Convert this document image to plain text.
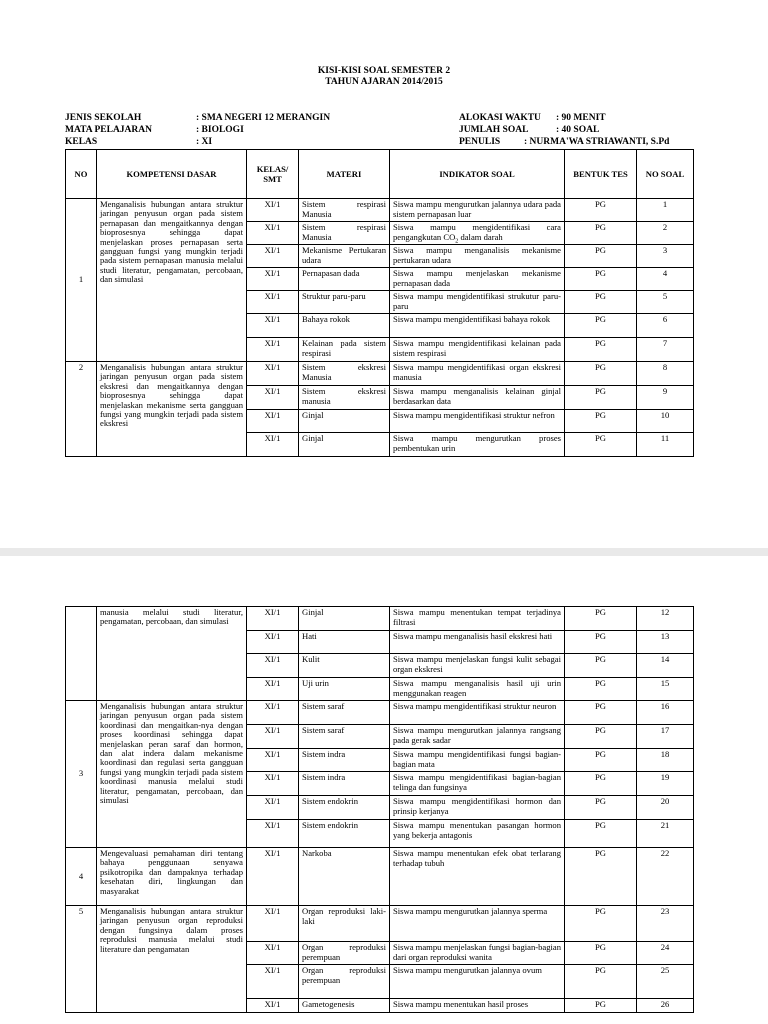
KISI-KISI SOAL SEMESTER 2
TAHUN AJARAN 2014/2015
JENIS SEKOLAH	: SMA NEGERI 12 MERANGIN
MATA PELAJARAN	: BIOLOGI
KELAS	: XI
ALOKASI WAKTU : 90 MENIT
JUMLAH SOAL	: 40 SOAL
PENULIS	: NURMA'WA STRIAWANTI, S.Pd
NO	KOMPETENSI DASAR	KELAS/ SMT	MATERI	INDIKATOR SOAL	BENTUK TES	NO SOAL
1	Menganalisis hubungan antara struktur jaringan penyusun organ pada sistem pernapasan dan mengaitkannya dengan bioprosesnya sehingga dapat menjelaskan proses pernapasan serta gangguan fungsi yang mungkin terjadi pada sistem pernapasan manusia melalui studi literatur, pengamatan, percobaan, dan simulasi	XI/1	Sistem respirasi Manusia	Siswa mampu mengurutkan jalannya udara pada sistem pernapasan luar	PG	1
		XI/1	Sistem respirasi Manusia	Siswa mampu mengidentifikasi cara pengangkutan $CO_2$ dalam darah	PG	2
		XI/1	Mekanisme Pertukaran udara	Siswa mampu menganalisis mekanisme pertukaran udara	PG	3
		XI/1	Pernapasan dada	Siswa mampu menjelaskan mekanisme pernapasan dada	PG	4
		XI/1	Struktur paru-paru	Siswa mampu mengidentifikasi strukutur paru-paru	PG	5
		XI/1	Bahaya rokok	Siswa mampu mengidentifikasi bahaya rokok	PG	6
		XI/1	Kelainan pada sistem respirasi	Siswa mampu mengidentifikasi kelainan pada sistem respirasi	PG	7
2	Menganalisis hubungan antara struktur jaringan penyusun organ pada sistem ekskresi dan mengaitkannya dengan bioprosesnya sehingga dapat menjelaskan mekanisme serta gangguan fungsi yang mungkin terjadi pada sistem ekskresi	XI/1	Sistem ekskresi Manusia	Siswa mampu mengidentifikasi organ ekskresi manusia	PG	8
		XI/1	Sistem ekskresi manusia	Siswa mampu menganalisis kelainan ginjal berdasarkan data	PG	9
		XI/1	Ginjal	Siswa mampu mengidentifikasi struktur nefron	PG	10
		XI/1	Ginjal	Siswa mampu mengurutkan proses pembentukan urin	PG	11
	manusia melalui studi literatur, pengamatan, percobaan, dan simulasi	XI/1	Ginjal	Siswa mampu menentukan tempat terjadinya filtrasi	PG	12
		XI/1	Hati	Siswa mampu menganalisis hasil ekskresi hati	PG	13
		XI/1	Kulit	Siswa mampu menjelaskan fungsi kulit sebagai organ ekskresi	PG	14
		XI/1	Uji urin	Siswa mampu menganalisis hasil uji urin menggunakan reagen	PG	15
3	Menganalisis hubungan antara struktur jaringan penyusun organ pada sistem koordinasi dan mengaitkan-nya dengan proses koordinasi sehingga dapat menjelaskan peran saraf dan hormon, dan alat indera dalam mekanisme koordinasi dan regulasi serta gangguan fungsi yang mungkin terjadi pada sistem koordinasi manusia melalui studi literatur, pengamatan, percobaan, dan simulasi	XI/1	Sistem saraf	Siswa mampu mengidentifikasi struktur neuron	PG	16
		XI/1	Sistem saraf	Siswa mampu mengurutkan jalannya rangsang pada gerak sadar	PG	17
		XI/1	Sistem indra	Siswa mampu mengidentifikasi fungsi bagian-bagian mata	PG	18
		XI/1	Sistem indra	Siswa mampu mengidentifikasi bagian-bagian telinga dan fungsinya	PG	19
		XI/1	Sistem endokrin	Siswa mampu mengidentifikasi hormon dan prinsip kerjanya	PG	20
		XI/1	Sistem endokrin	Siswa mampu menentukan pasangan hormon yang bekerja antagonis	PG	21
4	Mengevaluasi pemahaman diri tentang bahaya penggunaan senyawa psikotropika dan dampaknya terhadap kesehatan diri, lingkungan dan masyarakat	XI/1	Narkoba	Siswa mampu menentukan efek obat terlarang terhadap tubuh	PG	22
5	Menganalisis hubungan antara struktur jaringan penyusun organ reproduksi dengan fungsinya dalam proses reproduksi manusia melalui studi literature dan pengamatan	XI/1	Organ reproduksi laki-laki	Siswa mampu mengurutkan jalannya sperma	PG	23
		XI/1	Organ reproduksi perempuan	Siswa mampu menjelaskan fungsi bagian-bagian dari organ reproduksi wanita	PG	24
		XI/1	Organ reproduksi perempuan	Siswa mampu mengurutkan jalannya ovum	PG	25
		XI/1	Gametogenesis	Siswa mampu menentukan hasil proses	PG	26
